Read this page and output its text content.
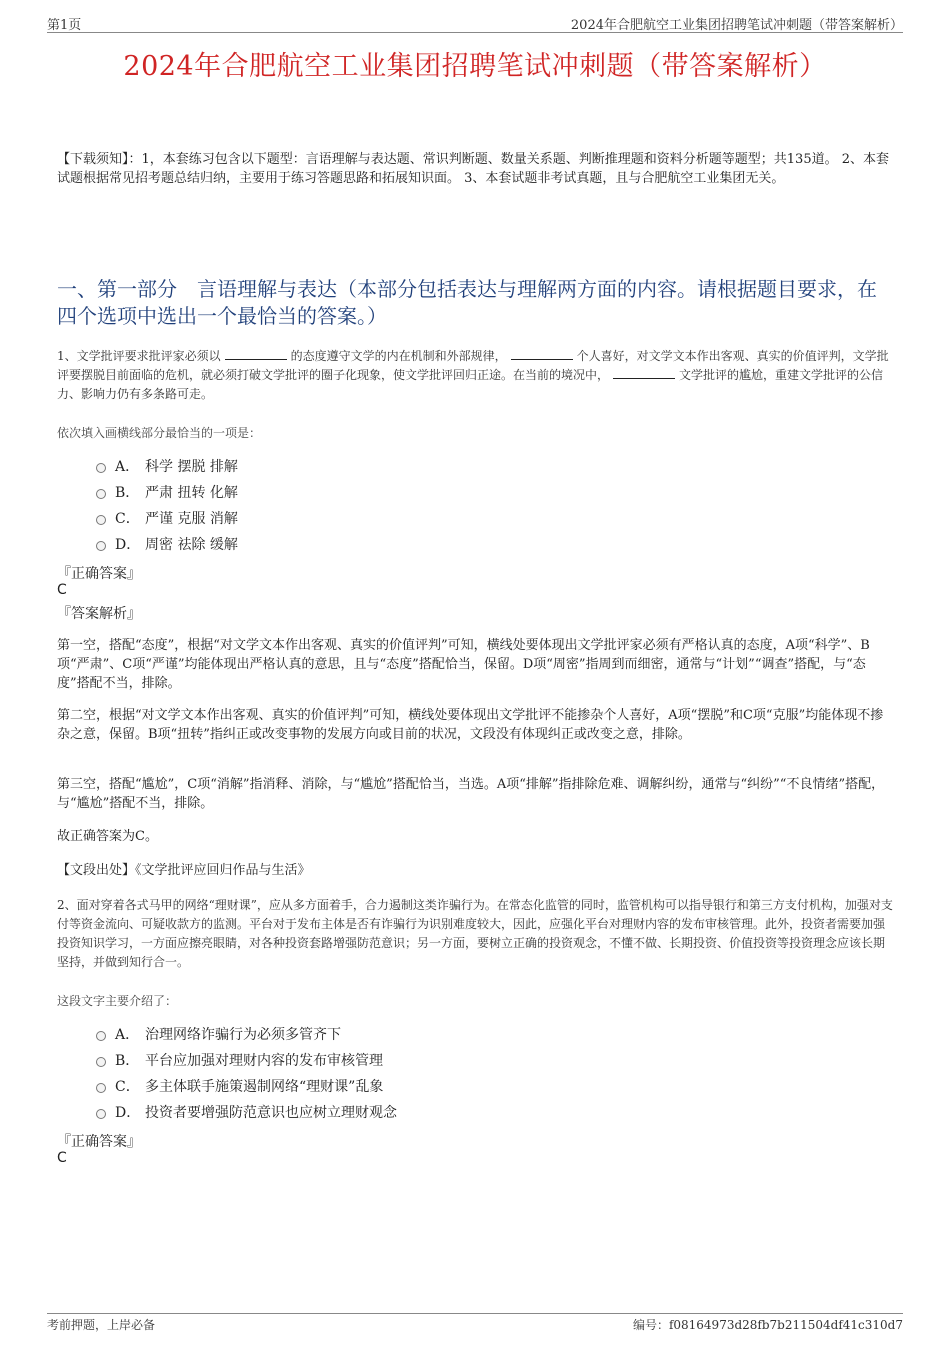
第1页	2024年合肥航空工业集团招聘笔试冲刺题（带答案解析）
2024年合肥航空工业集团招聘笔试冲刺题（带答案解析）
【下载须知】：1，本套练习包含以下题型：言语理解与表达题、常识判断题、数量关系题、判断推理题和资料分析题等题型；共135道。 2、本套试题根据常见招考题总结归纳，主要用于练习答题思路和拓展知识面。 3、本套试题非考试真题，且与合肥航空工业集团无关。
一、第一部分　言语理解与表达（本部分包括表达与理解两方面的内容。请根据题目要求，在四个选项中选出一个最恰当的答案。）
1、文学批评要求批评家必须以	的态度遵守文学的内在机制和外部规律，	个人喜好，对文学文本作出客观、真实的价值评判，文学批评要摆脱目前面临的危机，就必须打破文学批评的圈子化现象，使文学批评回归正途。在当前的境况中，	文学批评的尴尬，重建文学批评的公信力、影响力仍有多条路可走。
依次填入画横线部分最恰当的一项是：
A． 科学 摆脱 排解
B． 严肃 扭转 化解
C． 严谨 克服 消解
D． 周密 祛除 缓解
『正确答案』
C
『答案解析』
第一空，搭配“态度”，根据“对文学文本作出客观、真实的价值评判”可知，横线处要体现出文学批评家必须有严格认真的态度，A项“科学”、B项“严肃”、C项“严谨”均能体现出严格认真的意思，且与“态度”搭配恰当，保留。D项“周密”指周到而细密，通常与“计划”“调查”搭配，与“态度”搭配不当，排除。
第二空，根据“对文学文本作出客观、真实的价值评判”可知，横线处要体现出文学批评不能掺杂个人喜好，A项“摆脱”和C项“克服”均能体现不掺杂之意，保留。B项“扭转”指纠正或改变事物的发展方向或目前的状况，文段没有体现纠正或改变之意，排除。
第三空，搭配“尴尬”，C项“消解”指消释、消除，与“尴尬”搭配恰当，当选。A项“排解”指排除危难、调解纠纷，通常与“纠纷”“不良情绪”搭配，与“尴尬”搭配不当，排除。
故正确答案为C。
【文段出处】《文学批评应回归作品与生活》
2、面对穿着各式马甲的网络“理财课”，应从多方面着手，合力遏制这类诈骗行为。在常态化监管的同时，监管机构可以指导银行和第三方支付机构，加强对支付等资金流向、可疑收款方的监测。平台对于发布主体是否有诈骗行为识别难度较大，因此，应强化平台对理财内容的发布审核管理。此外，投资者需要加强投资知识学习，一方面应擦亮眼睛，对各种投资套路增强防范意识；另一方面，要树立正确的投资观念，不懂不做、长期投资、价值投资等投资理念应该长期坚持，并做到知行合一。
这段文字主要介绍了：
A． 治理网络诈骗行为必须多管齐下
B． 平台应加强对理财内容的发布审核管理
C． 多主体联手施策遏制网络“理财课”乱象
D． 投资者要增强防范意识也应树立理财观念
『正确答案』
C
考前押题，上岸必备	编号：f08164973d28fb7b211504df41c310d7
